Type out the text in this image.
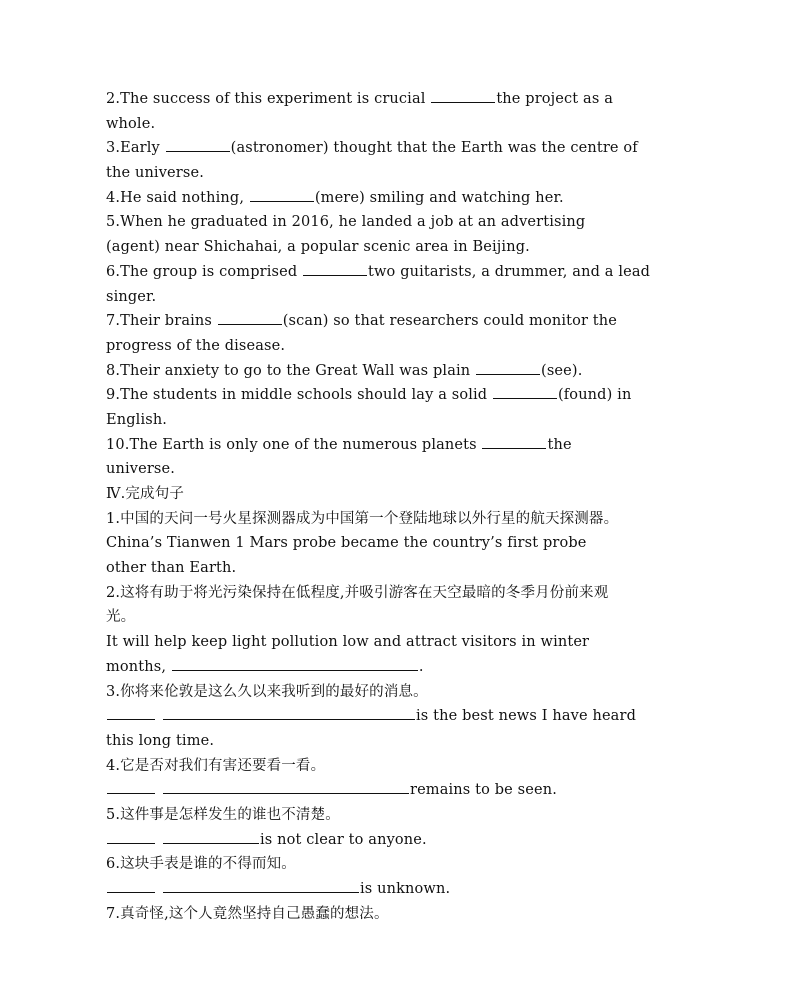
2.The success of this experiment is crucial	the project as a
whole.
3.Early	(astronomer) thought that the Earth was the centre of
the universe.
4.He said nothing,	(mere) smiling and watching her.
5.When he graduated in 2016, he landed a job at an advertising
(agent) near Shichahai, a popular scenic area in Beijing.
6.The group is comprised	two guitarists, a drummer, and a lead
singer.
7.Their brains	(scan) so that researchers could monitor the
progress of the disease.
8.Their anxiety to go to the Great Wall was plain	(see).
9.The students in middle schools should lay a solid	(found) in
English.
10.The Earth is only one of the numerous planets	the
universe.
Ⅳ.完成句子
1.中国的天问一号火星探测器成为中国第一个登陆地球以外行星的航天探测器。
China’s Tianwen 1 Mars probe became the country’s first probe
other than Earth.
2.这将有助于将光污染保持在低程度,并吸引游客在天空最暗的冬季月份前来观
光。
It will help keep light pollution low and attract visitors in winter
months,	.
3.你将来伦敦是这么久以来我听到的最好的消息。
is the best news I have heard
this long time.
4.它是否对我们有害还要看一看。
remains to be seen.
5.这件事是怎样发生的谁也不清楚。
is not clear to anyone.
6.这块手表是谁的不得而知。
is unknown.
7.真奇怪,这个人竟然坚持自己愚蠢的想法。
